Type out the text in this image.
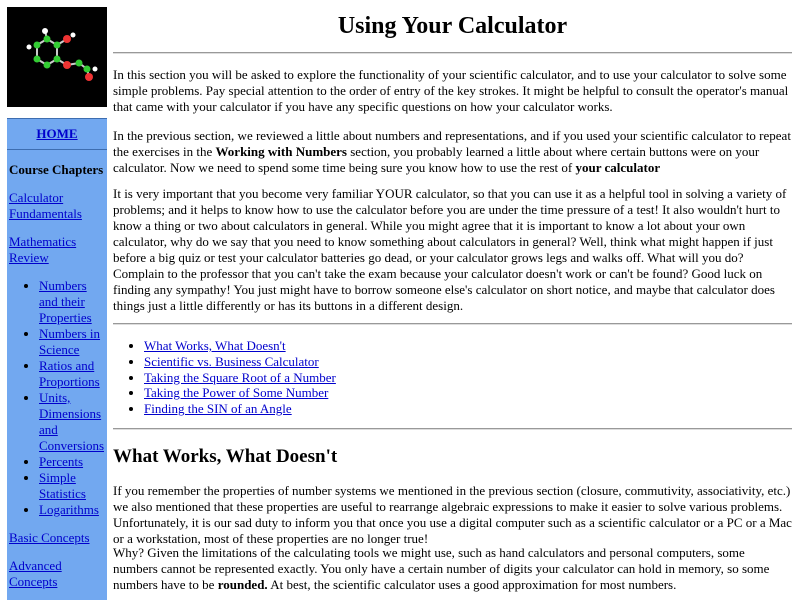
HOME
Course Chapters
Calculator Fundamentals
Mathematics Review
• Numbers and their Properties
• Numbers in Science
• Ratios and Proportions
• Units, Dimensions and Conversions
• Percents
• Simple Statistics
• Logarithms
Basic Concepts
Advanced Concepts
Using Your Calculator

In this section you will be asked to explore the functionality of your scientific calculator, and to use your calculator to solve some simple problems. Pay special attention to the order of entry of the key strokes. It might be helpful to consult the operator's manual that came with your calculator if you have any specific questions on how your calculator works.

In the previous section, we reviewed a little about numbers and representations, and if you used your scientific calculator to repeat the exercises in the Working with Numbers section, you probably learned a little about where certain buttons were on your calculator. Now we need to spend some time being sure you know how to use the rest of your calculator

It is very important that you become very familiar YOUR calculator, so that you can use it as a helpful tool in solving a variety of problems; and it helps to know how to use the calculator before you are under the time pressure of a test! It also wouldn't hurt to know a thing or two about calculators in general. While you might agree that it is important to know a lot about your own calculator, why do we say that you need to know something about calculators in general? Well, think what might happen if just before a big quiz or test your calculator batteries go dead, or your calculator grows legs and walks off. What will you do? Complain to the professor that you can't take the exam because your calculator doesn't work or can't be found? Good luck on finding any sympathy! You just might have to borrow someone else's calculator on short notice, and maybe that calculator does things just a little differently or has its buttons in a different design.

• What Works, What Doesn't
• Scientific vs. Business Calculator
• Taking the Square Root of a Number
• Taking the Power of Some Number
• Finding the SIN of an Angle
What Works, What Doesn't

If you remember the properties of number systems we mentioned in the previous section (closure, commutivity, associativity, etc.) we also mentioned that these properties are useful to rearrange algebraic expressions to make it easier to solve various problems. Unfortunately, it is our sad duty to inform you that once you use a digital computer such as a scientific calculator or a PC or a Mac or a workstation, most of these properties are no longer true!

Why? Given the limitations of the calculating tools we might use, such as hand calculators and personal computers, some numbers cannot be represented exactly. You only have a certain number of digits your calculator can hold in memory, so some numbers have to be rounded. At best, the scientific calculator uses a good approximation for most numbers.
